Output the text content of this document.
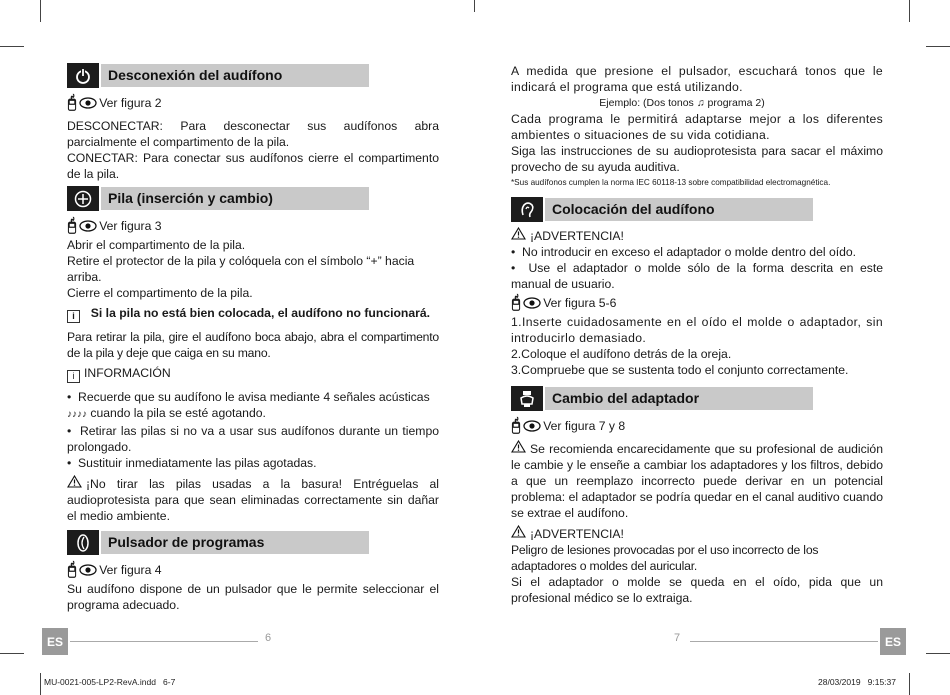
Desconexión del audífono
🖯 Ver figura 2

DESCONECTAR: Para desconectar sus audífonos abra parcialmente el compartimento de la pila.

CONECTAR: Para conectar sus audífonos cierre el compartimento de la pila.

Pila (inserción y cambio)
🖯 Ver figura 3

Abrir el compartimento de la pila.

Retire el protector de la pila y colóquela con el símbolo “+” hacia arriba.

Cierre el compartimento de la pila.

i Si la pila no está bien colocada, el audífono no funcionará.

Para retirar la pila, gire el audífono boca abajo, abra el compartimento de la pila y deje que caiga en su mano.

i INFORMACIÓN

•  Recuerde que su audífono le avisa mediante 4 señales acústicas
♪♪♪♪ cuando la pila se esté agotando.

•  Retirar las pilas si no va a usar sus audífonos durante un tiempo prolongado.

•  Sustituir inmediatamente las pilas agotadas.

¡No tirar las pilas usadas a la basura! Entréguelas al audioprotesista para que sean eliminadas correctamente sin dañar el medio ambiente.

Pulsador de programas
🖯 Ver figura 4

Su audífono dispone de un pulsador que le permite seleccionar el programa adecuado.

A medida que presione el pulsador, escuchará tonos que le indicará el programa que está utilizando.

Ejemplo: (Dos tonos ♫ programa 2)

Cada programa le permitirá adaptarse mejor a los diferentes ambientes o situaciones de su vida cotidiana.

Siga las instrucciones de su audioprotesista para sacar el máximo provecho de su ayuda auditiva.

*Sus audífonos cumplen la norma IEC 60118-13 sobre compatibilidad electromagnética.

Colocación del audífono

¡ADVERTENCIA!

•  No introducir en exceso el adaptador o molde dentro del oído.

•  Use el adaptador o molde sólo de la forma descrita en este manual de usuario.

🖯 Ver figura 5-6

1.Inserte cuidadosamente en el oído el molde o adaptador, sin introducirlo demasiado.

2.Coloque el audífono detrás de la oreja.

3.Compruebe que se sustenta todo el conjunto correctamente.

Cambio del adaptador
🖯 Ver figura 7 y 8

Se recomienda encarecidamente que su profesional de audición le cambie y le enseñe a cambiar los adaptadores y los filtros, debido a que un reemplazo incorrecto puede derivar en un potencial problema: el adaptador se podría quedar en el canal auditivo cuando se extrae el audífono.

¡ADVERTENCIA!

Peligro de lesiones provocadas por el uso incorrecto de los adaptadores o moldes del auricular.

Si el adaptador o molde se queda en el oído, pida que un profesional médico se lo extraiga.

ES	6	7	ES
MU-0021-005-LP2-RevA.indd   6-7	28/03/2019   9:15:37
